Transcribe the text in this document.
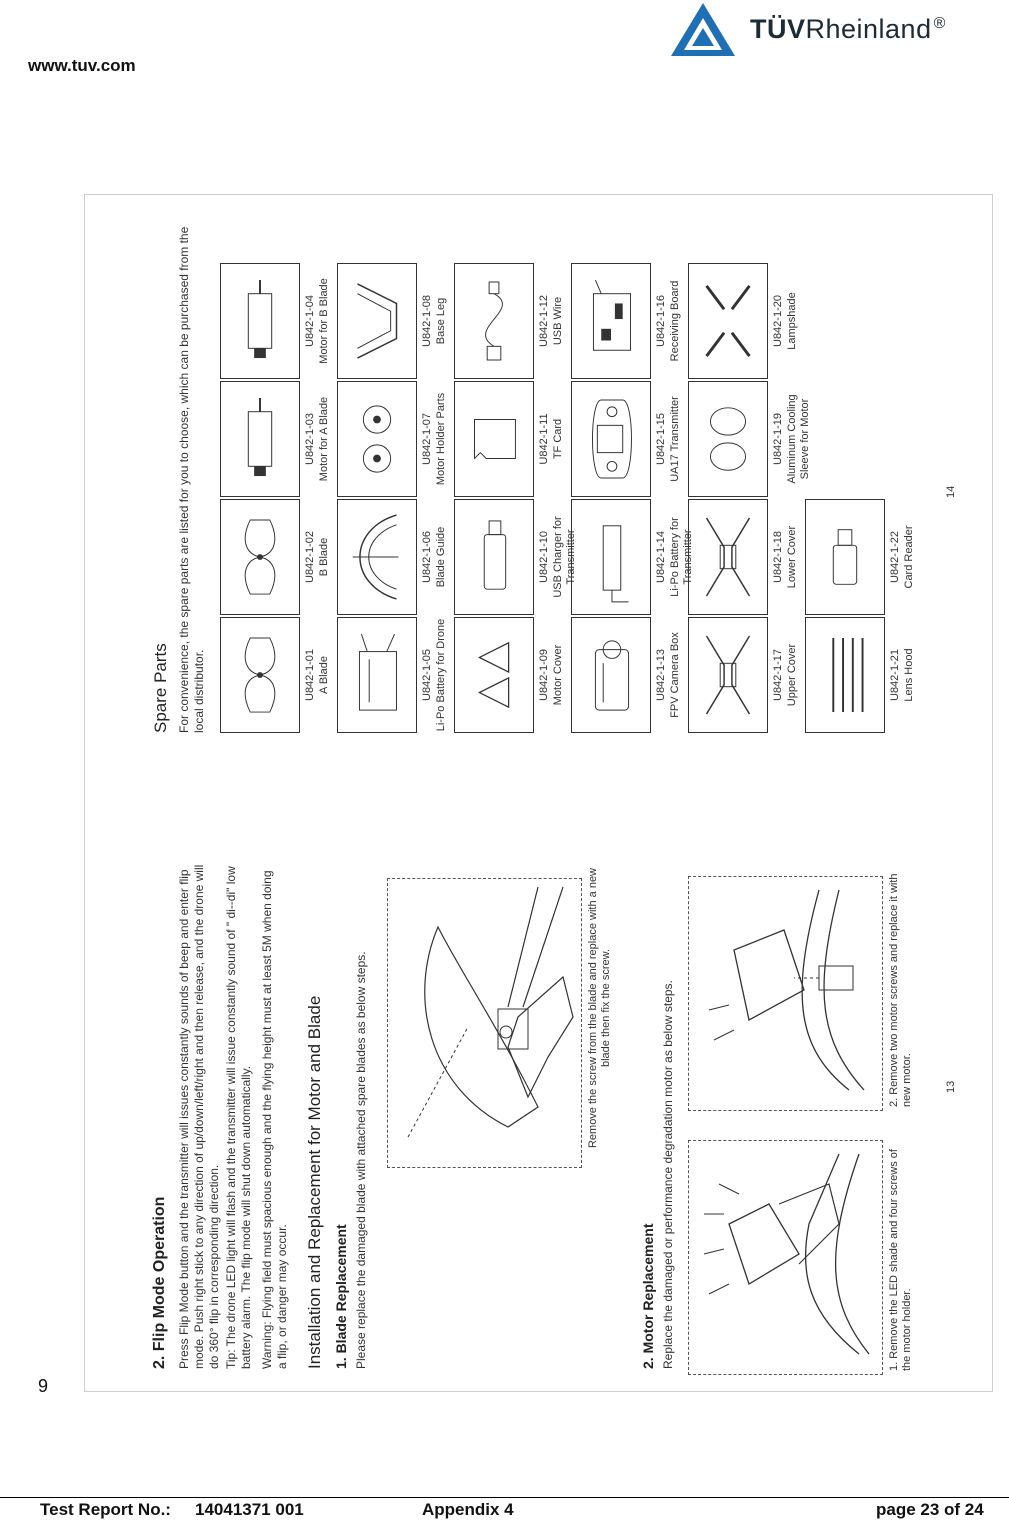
www.tuv.com
TÜVRheinland ®
2. Flip Mode Operation Press Flip Mode button and the transmitter will issues constantly sounds of beep and enter flip mode. Push right stick to any direction of up/down/left/right and then release, and the drone will do 360° flip in corresponding direction. Tip: The drone LED light will flash and the transmitter will issue constantly sound of " di--di" low battery alarm. The flip mode will shut down automatically. Warning: Flying field must spacious enough and the flying height must at least 5M when doing a flip, or danger may occur. Installation and Replacement for Motor and Blade 1. Blade Replacement Please replace the damaged blade with attached spare blades as below steps.	Remove the screw from the blade and replace with a new blade then fix the screw.
2. Motor Replacement Replace the damaged or performance degradation motor as below steps.	1. Remove the LED shade and four screws of the motor holder.
2. Remove two motor screws and replace it with new motor.	13
Spare Parts For convenience, the spare parts are listed for you to choose, which can be purchased from the local distributor.	U842-1-01 A Blade
U842-1-02 B Blade
U842-1-03 Motor for A Blade
U842-1-04 Motor for B Blade
U842-1-05 Li-Po Battery for Drone
U842-1-06 Blade Guide
U842-1-07 Motor Holder Parts
U842-1-08 Base Leg
U842-1-09 Motor Cover
U842-1-10 USB Charger for Transmitter
U842-1-11 TF Card
U842-1-12 USB Wire
U842-1-13 FPV Camera Box
U842-1-14 Li-Po Battery for Transmitter
U842-1-15 UA17 Transmitter
U842-1-16 Receiving Board
U842-1-17 Upper Cover
U842-1-18 Lower Cover
U842-1-19 Aluminum Cooling Sleeve for Motor
U842-1-20 Lampshade
U842-1-21 Lens Hood
U842-1-22 Card Reader
14
9
Test Report No.: 14041371 001	Appendix 4	page 23 of 24
